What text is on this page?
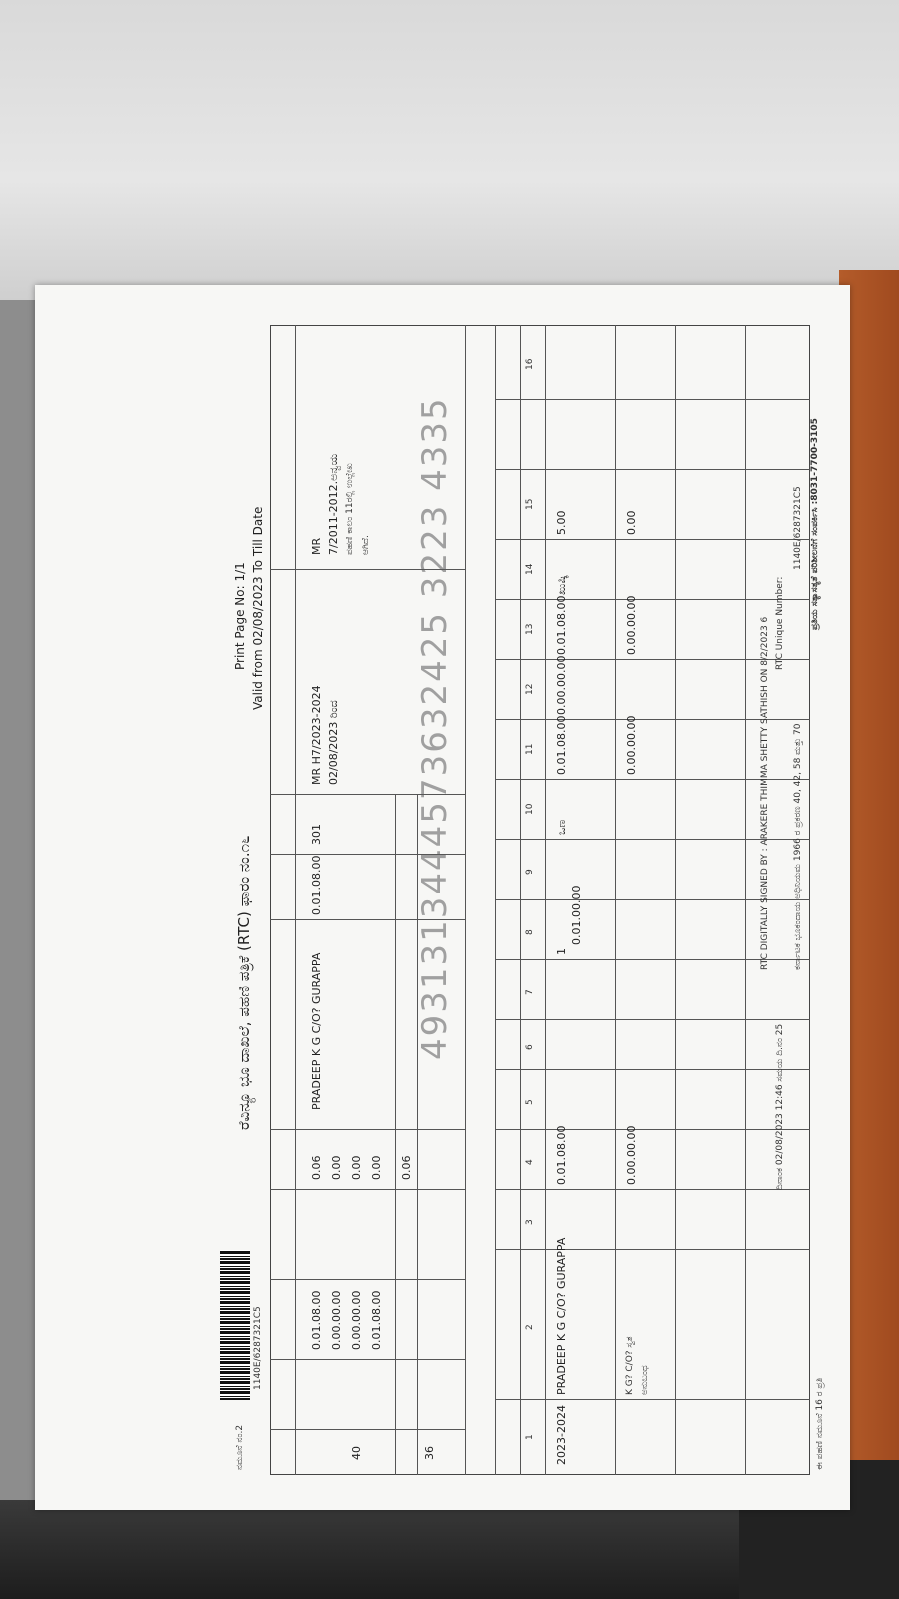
1140E/6287321C5
ರೆವಿನ್ಯೂ ಭೂ ದಾಖಲೆ, ಪಹಣಿ ಪತ್ರಿಕೆ (RTC) ಫಾರಂ ನಂ.೧೬
Print Page No: 1/1 Valid from 02/08/2023 To Till Date
ನಮೂನೆ ನಂ.2
0.01.08.00 0.00.00.00 0.00.00.00 0.01.08.00
0.06 0.00 0.00 0.00 0.06
36
40
PRADEEP K G C/O? GURAPPA
0.01.08.00
301
MR H7/2023-2024 02/08/2023 ರಿಂದ
MR 7/2011-2012.ಅನ್ವಯ ಪಹಣಿ ಕಾಲಂ 11ರಲ್ಲಿ ಉಲ್ಲೇಖ ಆಗಿದೆ.
1
2
3
4
5
6
7
8
9
10
11
12
13
14
15
16
2023-2024
PRADEEP K G C/O? GURAPPA
0.01.08.00
1
0.01.00.00
ಒಣ
0.01.08.00
0.00.00.00
0.01.08.00
ಖುಷ್ಕಿ
5.00
K G? C/O? ಸ್ವತ ಅನುಬಂಧ
0.00.00.00
0.00.00.00
0.00.00.00
0.00
4931313444573632425 3223 4335
ಈ ಪಹಣಿ ನಮೂನೆ 16 ರ ಪ್ರತಿ
ದಿನಾಂಕ 02/08/2023 12:46 ಸಮಯ ದಿ.ನಂ 25
RTC DIGITALLY SIGNED BY : ARAKERE THIMMA SHETTY SATHISH ON 8/2/2023 6 RTC Unique Number:
ಕರ್ನಾಟಕ ಭೂಕಂದಾಯ ಅಧಿನಿಯಮ 1966 ರ ಪ್ರಕರಣ 40, 42, 58 ಮತ್ತು 70
1140E/6287321C5 ಪ್ರತಿಯ ಸತ್ಯಾಸತ್ಯತೆ ಪರಿಶೀಲನೆಗೆ ಸಂಪರ್ಕಿಸಿ :8031-7700-3105
